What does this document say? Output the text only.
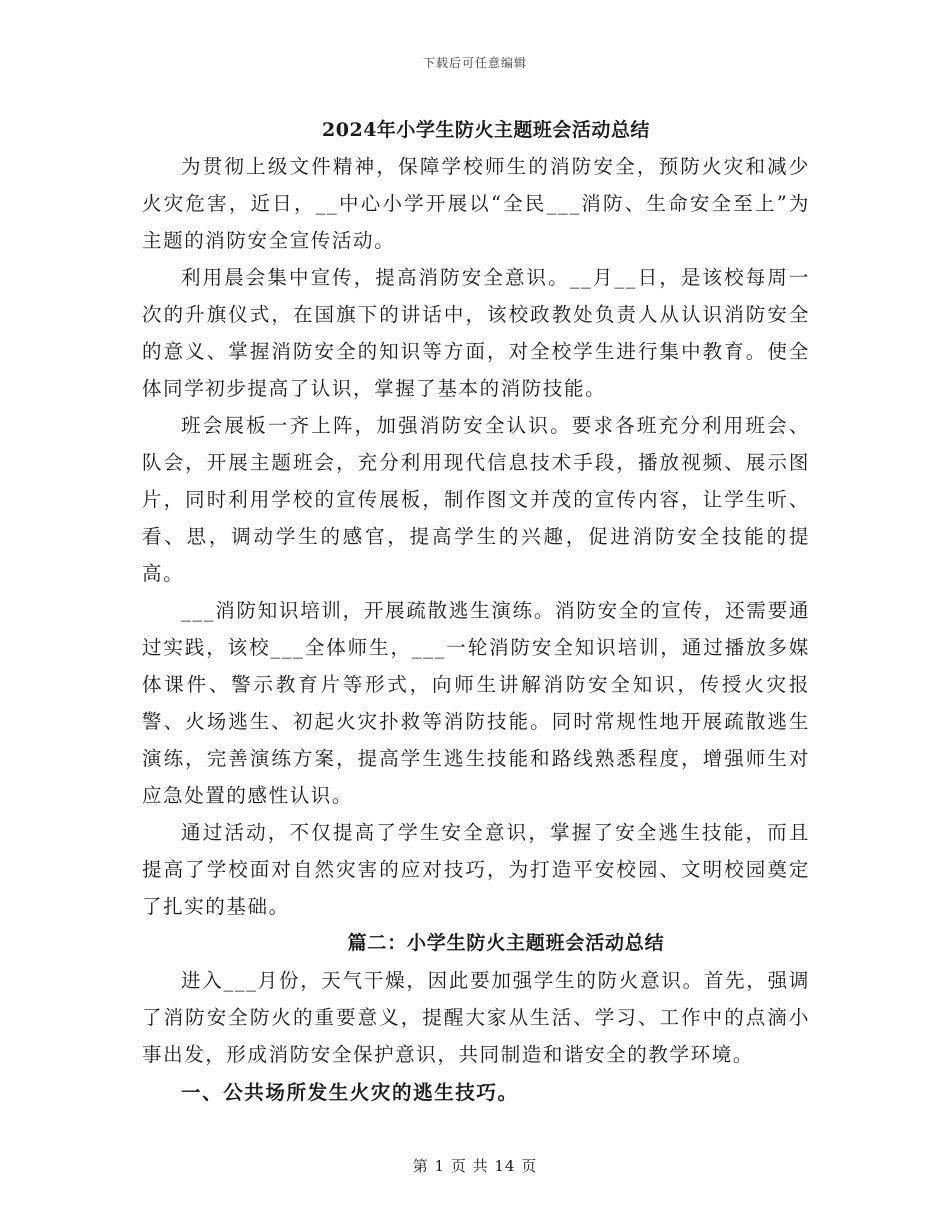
下载后可任意编辑
2024年小学生防火主题班会活动总结

为贯彻上级文件精神，保障学校师生的消防安全，预防火灾和减少火灾危害，近日，__中心小学开展以“全民___消防、生命安全至上”为主题的消防安全宣传活动。

利用晨会集中宣传，提高消防安全意识。__月__日，是该校每周一次的升旗仪式，在国旗下的讲话中，该校政教处负责人从认识消防安全的意义、掌握消防安全的知识等方面，对全校学生进行集中教育。使全体同学初步提高了认识，掌握了基本的消防技能。

班会展板一齐上阵，加强消防安全认识。要求各班充分利用班会、队会，开展主题班会，充分利用现代信息技术手段，播放视频、展示图片，同时利用学校的宣传展板，制作图文并茂的宣传内容，让学生听、看、思，调动学生的感官，提高学生的兴趣，促进消防安全技能的提高。

___消防知识培训，开展疏散逃生演练。消防安全的宣传，还需要通过实践，该校___全体师生，___一轮消防安全知识培训，通过播放多媒体课件、警示教育片等形式，向师生讲解消防安全知识，传授火灾报警、火场逃生、初起火灾扑救等消防技能。同时常规性地开展疏散逃生演练，完善演练方案，提高学生逃生技能和路线熟悉程度，增强师生对应急处置的感性认识。

通过活动，不仅提高了学生安全意识，掌握了安全逃生技能，而且提高了学校面对自然灾害的应对技巧，为打造平安校园、文明校园奠定了扎实的基础。

篇二：小学生防火主题班会活动总结

进入___月份，天气干燥，因此要加强学生的防火意识。首先，强调了消防安全防火的重要意义，提醒大家从生活、学习、工作中的点滴小事出发，形成消防安全保护意识，共同制造和谐安全的教学环境。

一、公共场所发生火灾的逃生技巧。
第 1 页 共 14 页
